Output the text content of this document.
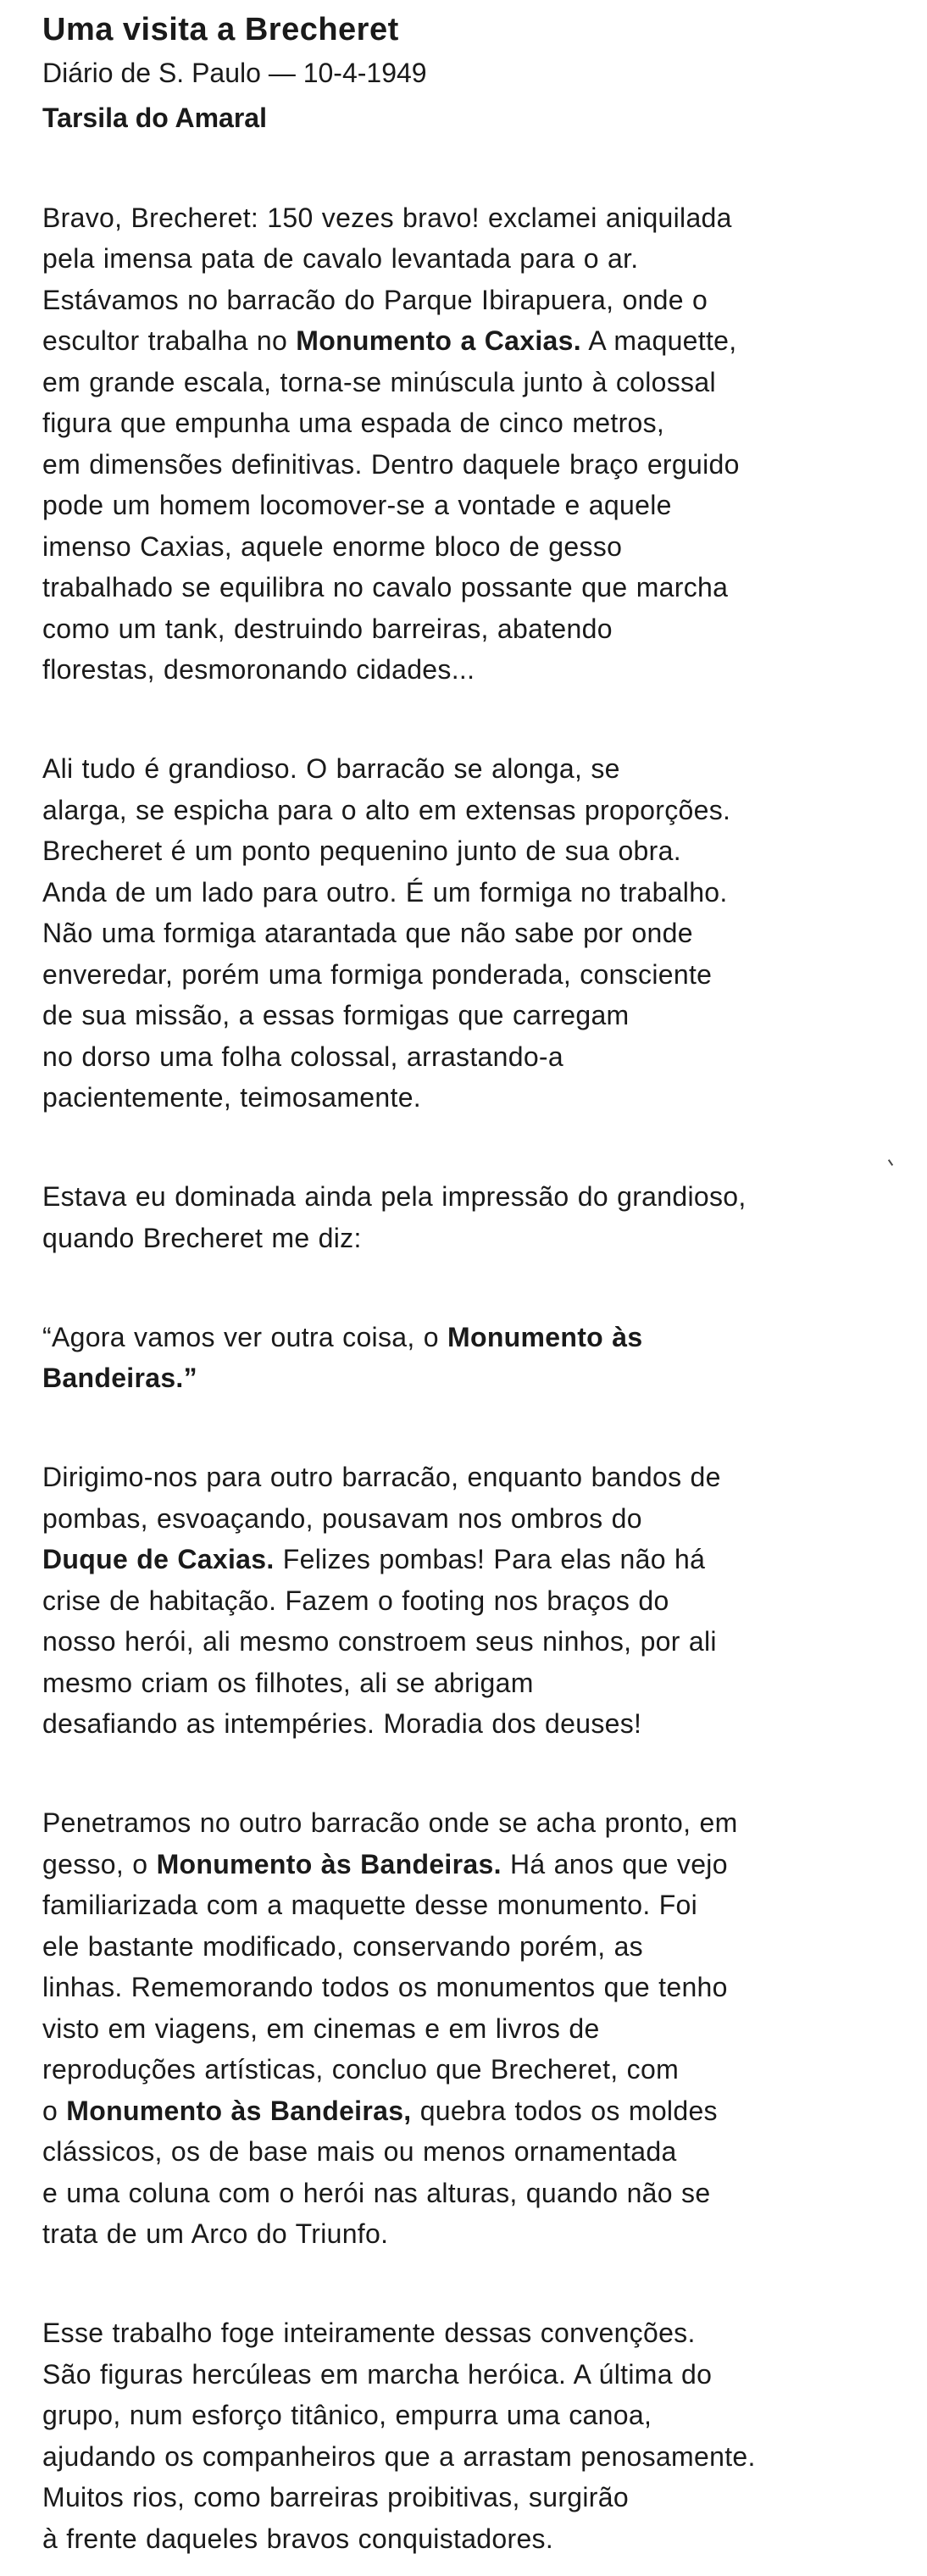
Uma visita a Brecheret
Diário de S. Paulo — 10-4-1949
Tarsila do Amaral

Bravo, Brecheret: 150 vezes bravo! exclamei aniquilada
pela imensa pata de cavalo levantada para o ar.
Estávamos no barracão do Parque Ibirapuera, onde o
escultor trabalha no Monumento a Caxias. A maquette,
em grande escala, torna-se minúscula junto à colossal
figura que empunha uma espada de cinco metros,
em dimensões definitivas. Dentro daquele braço erguido
pode um homem locomover-se a vontade e aquele
imenso Caxias, aquele enorme bloco de gesso
trabalhado se equilibra no cavalo possante que marcha
como um tank, destruindo barreiras, abatendo
florestas, desmoronando cidades...

Ali tudo é grandioso. O barracão se alonga, se
alarga, se espicha para o alto em extensas proporções.
Brecheret é um ponto pequenino junto de sua obra.
Anda de um lado para outro. É um formiga no trabalho.
Não uma formiga atarantada que não sabe por onde
enveredar, porém uma formiga ponderada, consciente
de sua missão, a essas formigas que carregam
no dorso uma folha colossal, arrastando-a
pacientemente, teimosamente.

Estava eu dominada ainda pela impressão do grandioso,
quando Brecheret me diz:

“Agora vamos ver outra coisa, o Monumento às
Bandeiras.”

Dirigimo-nos para outro barracão, enquanto bandos de
pombas, esvoaçando, pousavam nos ombros do
Duque de Caxias. Felizes pombas! Para elas não há
crise de habitação. Fazem o footing nos braços do
nosso herói, ali mesmo constroem seus ninhos, por ali
mesmo criam os filhotes, ali se abrigam
desafiando as intempéries. Moradia dos deuses!

Penetramos no outro barracão onde se acha pronto, em
gesso, o Monumento às Bandeiras. Há anos que vejo
familiarizada com a maquette desse monumento. Foi
ele bastante modificado, conservando porém, as
linhas. Rememorando todos os monumentos que tenho
visto em viagens, em cinemas e em livros de
reproduções artísticas, concluo que Brecheret, com
o Monumento às Bandeiras, quebra todos os moldes
clássicos, os de base mais ou menos ornamentada
e uma coluna com o herói nas alturas, quando não se
trata de um Arco do Triunfo.

Esse trabalho foge inteiramente dessas convenções.
São figuras hercúleas em marcha heróica. A última do
grupo, num esforço titânico, empurra uma canoa,
ajudando os companheiros que a arrastam penosamente.
Muitos rios, como barreiras proibitivas, surgirão
à frente daqueles bravos conquistadores.
